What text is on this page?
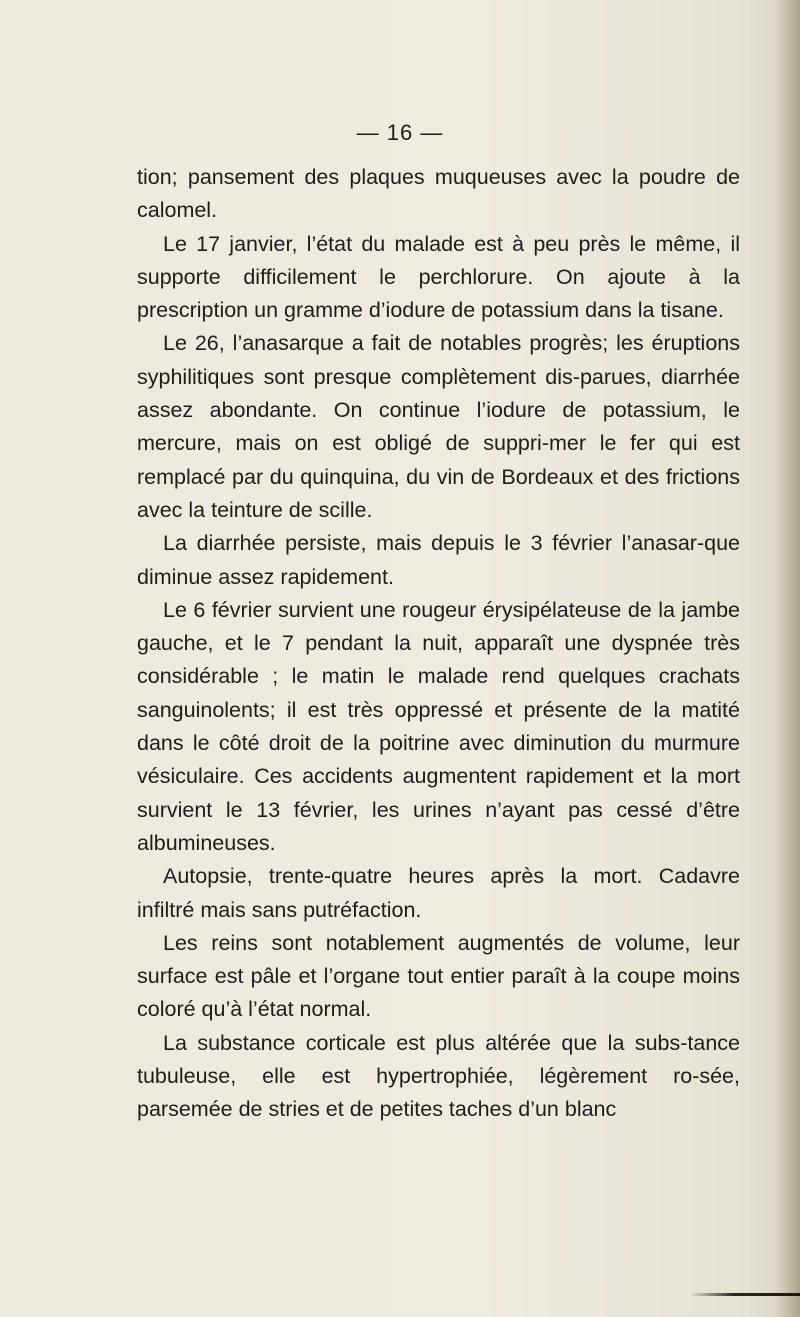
— 16 —

tion; pansement des plaques muqueuses avec la poudre de calomel.

Le 17 janvier, l’état du malade est à peu près le même, il supporte difficilement le perchlorure. On ajoute à la prescription un gramme d’iodure de potassium dans la tisane.

Le 26, l’anasarque a fait de notables progrès; les éruptions syphilitiques sont presque complètement dis-parues, diarrhée assez abondante. On continue l’iodure de potassium, le mercure, mais on est obligé de suppri-mer le fer qui est remplacé par du quinquina, du vin de Bordeaux et des frictions avec la teinture de scille.

La diarrhée persiste, mais depuis le 3 février l’anasar-que diminue assez rapidement.

Le 6 février survient une rougeur érysipélateuse de la jambe gauche, et le 7 pendant la nuit, apparaît une dyspnée très considérable ; le matin le malade rend quelques crachats sanguinolents; il est très oppressé et présente de la matité dans le côté droit de la poitrine avec diminution du murmure vésiculaire. Ces accidents augmentent rapidement et la mort survient le 13 février, les urines n’ayant pas cessé d’être albumineuses.

Autopsie, trente-quatre heures après la mort. Cadavre infiltré mais sans putréfaction.

Les reins sont notablement augmentés de volume, leur surface est pâle et l’organe tout entier paraît à la coupe moins coloré qu’à l’état normal.

La substance corticale est plus altérée que la subs-tance tubuleuse, elle est hypertrophiée, légèrement ro-sée, parsemée de stries et de petites taches d’un blanc
